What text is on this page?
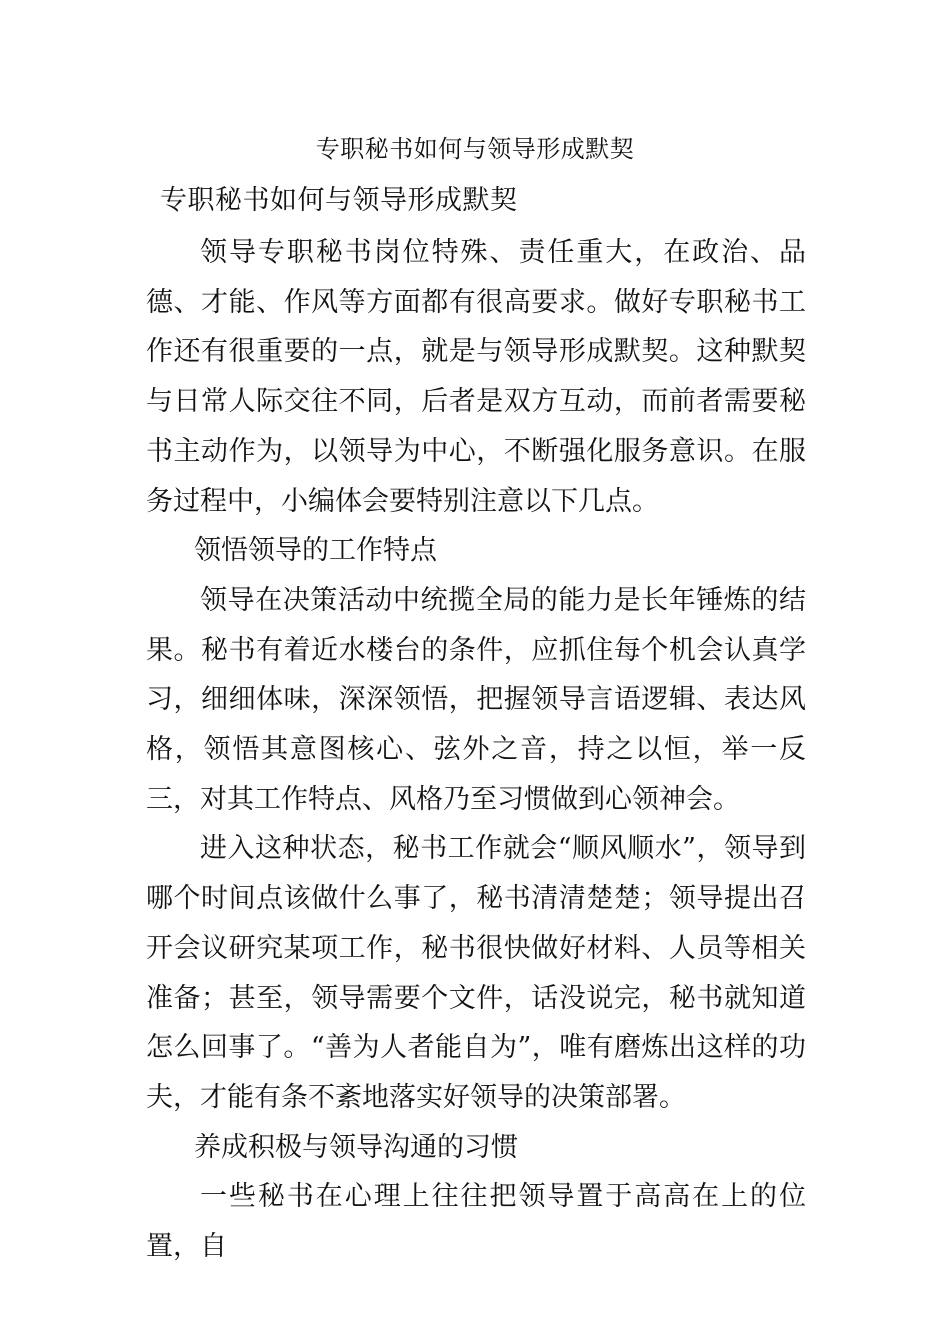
专职秘书如何与领导形成默契
专职秘书如何与领导形成默契

领导专职秘书岗位特殊、责任重大，在政治、品德、才能、作风等方面都有很高要求。做好专职秘书工作还有很重要的一点，就是与领导形成默契。这种默契与日常人际交往不同，后者是双方互动，而前者需要秘书主动作为，以领导为中心，不断强化服务意识。在服务过程中，小编体会要特别注意以下几点。

领悟领导的工作特点

领导在决策活动中统揽全局的能力是长年锤炼的结果。秘书有着近水楼台的条件，应抓住每个机会认真学习，细细体味，深深领悟，把握领导言语逻辑、表达风格，领悟其意图核心、弦外之音，持之以恒，举一反三，对其工作特点、风格乃至习惯做到心领神会。

进入这种状态，秘书工作就会“顺风顺水”，领导到哪个时间点该做什么事了，秘书清清楚楚；领导提出召开会议研究某项工作，秘书很快做好材料、人员等相关准备；甚至，领导需要个文件，话没说完，秘书就知道怎么回事了。“善为人者能自为”，唯有磨炼出这样的功夫，才能有条不紊地落实好领导的决策部署。

养成积极与领导沟通的习惯

一些秘书在心理上往往把领导置于高高在上的位置，自
